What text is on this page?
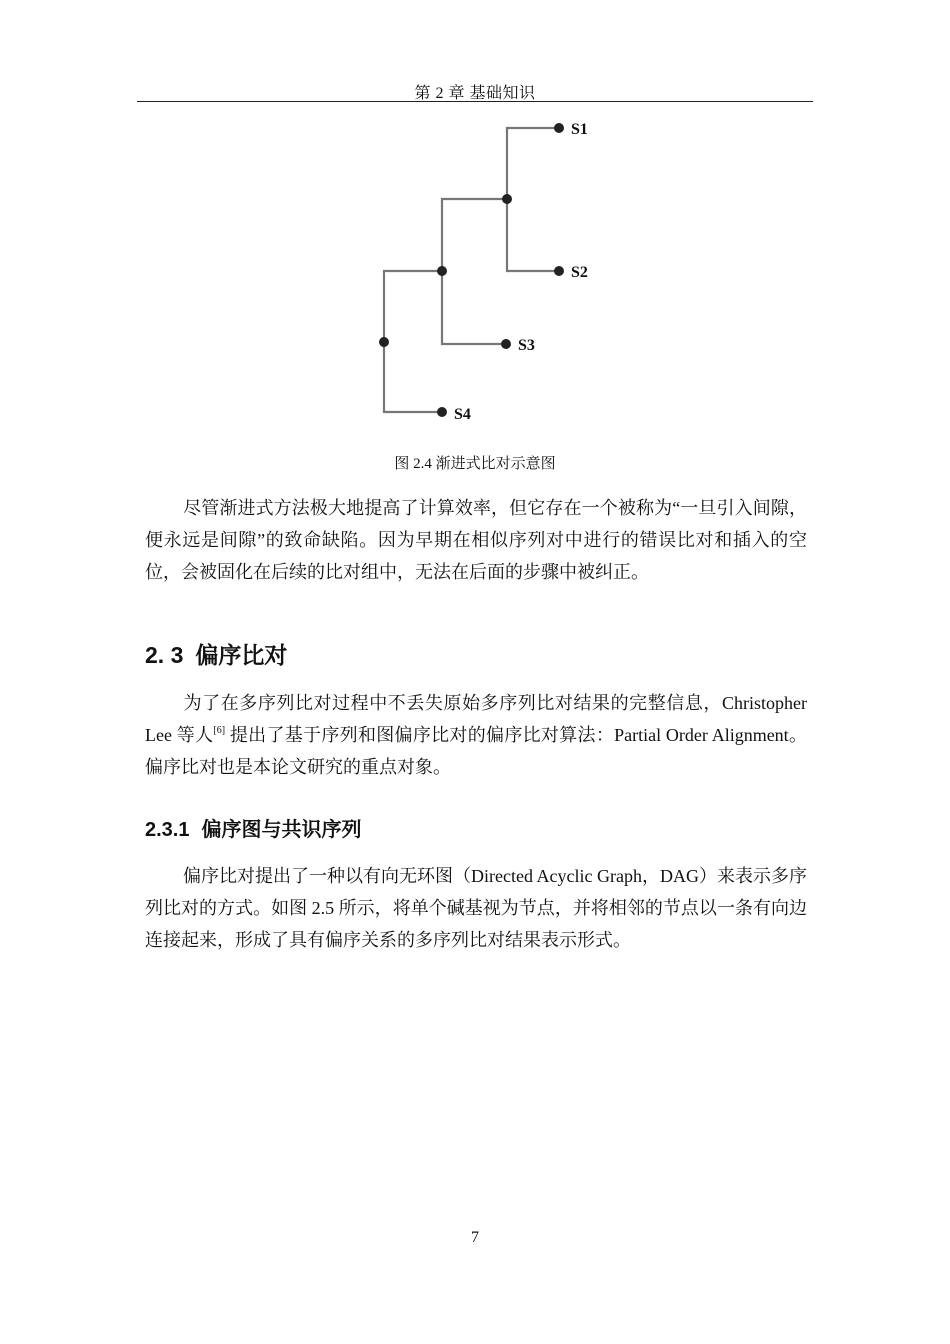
第 2 章 基础知识
S1
S2
S3
S4
图 2.4 渐进式比对示意图

尽管渐进式方法极大地提高了计算效率，但它存在一个被称为“一旦引入间隙，便永远是间隙”的致命缺陷。因为早期在相似序列对中进行的错误比对和插入的空位，会被固化在后续的比对组中，无法在后面的步骤中被纠正。

2. 3 偏序比对

为了在多序列比对过程中不丢失原始多序列比对结果的完整信息，Christopher Lee 等人[6] 提出了基于序列和图偏序比对的偏序比对算法：Partial Order Alignment。偏序比对也是本论文研究的重点对象。

2.3.1 偏序图与共识序列

偏序比对提出了一种以有向无环图（Directed Acyclic Graph，DAG）来表示多序列比对的方式。如图 2.5 所示，将单个碱基视为节点，并将相邻的节点以一条有向边连接起来，形成了具有偏序关系的多序列比对结果表示形式。

7
